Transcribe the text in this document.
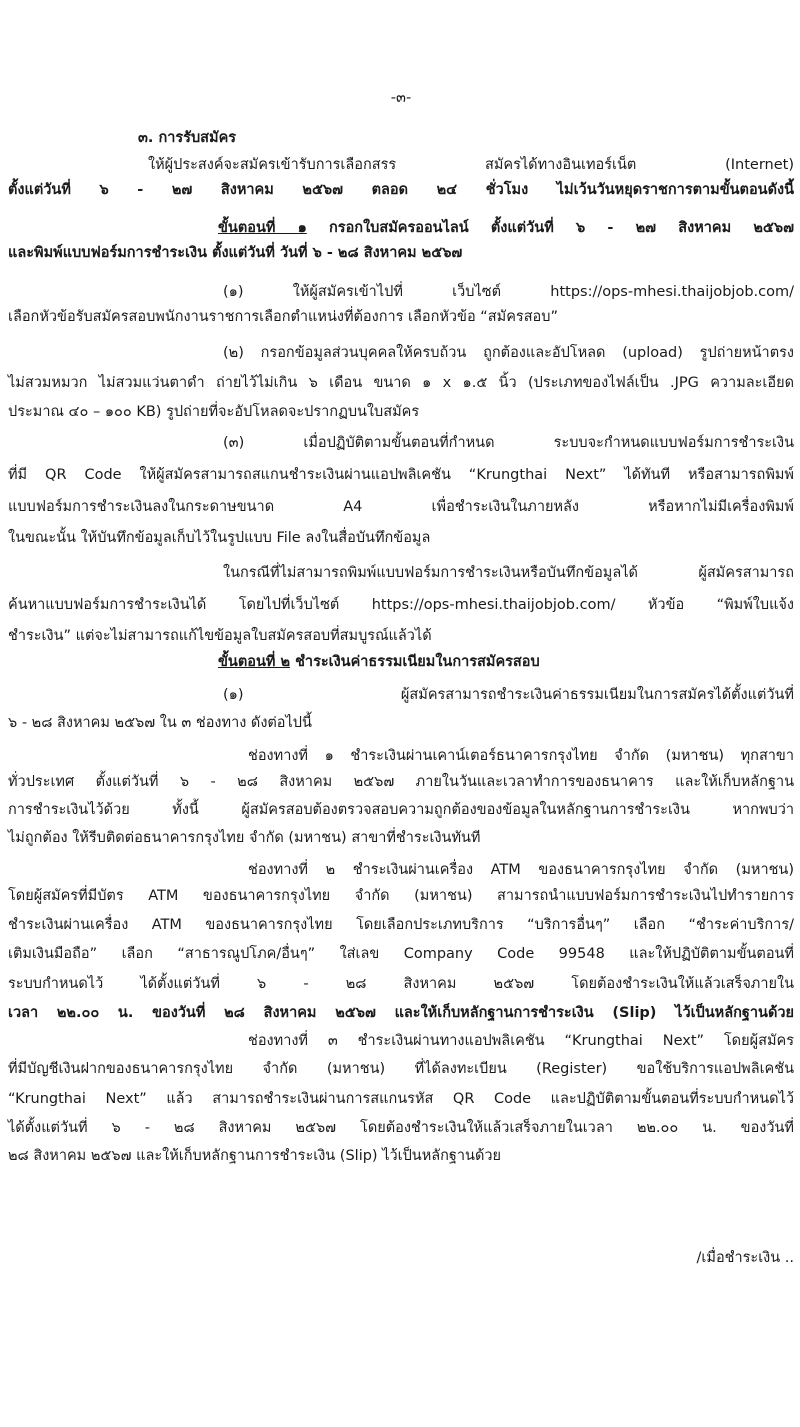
-๓-
๓. การรับสมัคร
ให้ผู้ประสงค์จะสมัครเข้ารับการเลือกสรร สมัครได้ทางอินเทอร์เน็ต (Internet)
ตั้งแต่วันที่ ๖ - ๒๗ สิงหาคม ๒๕๖๗ ตลอด ๒๔ ชั่วโมง ไม่เว้นวันหยุดราชการตามขั้นตอนดังนี้
ขั้นตอนที่ ๑ กรอกใบสมัครออนไลน์ ตั้งแต่วันที่ ๖ - ๒๗ สิงหาคม ๒๕๖๗
และพิมพ์แบบฟอร์มการชำระเงิน ตั้งแต่วันที่ วันที่ ๖ - ๒๘ สิงหาคม ๒๕๖๗
(๑) ให้ผู้สมัครเข้าไปที่ เว็บไซต์ https://ops-mhesi.thaijobjob.com/
เลือกหัวข้อรับสมัครสอบพนักงานราชการเลือกตำแหน่งที่ต้องการ เลือกหัวข้อ “สมัครสอบ”
(๒) กรอกข้อมูลส่วนบุคคลให้ครบถ้วน ถูกต้องและอัปโหลด (upload) รูปถ่ายหน้าตรง
ไม่สวมหมวก ไม่สวมแว่นตาดำ ถ่ายไว้ไม่เกิน ๖ เดือน ขนาด ๑ x ๑.๕ นิ้ว (ประเภทของไฟล์เป็น .JPG ความละเอียด
ประมาณ ๔๐ – ๑๐๐ KB) รูปถ่ายที่จะอัปโหลดจะปรากฏบนใบสมัคร
(๓) เมื่อปฏิบัติตามขั้นตอนที่กำหนด ระบบจะกำหนดแบบฟอร์มการชำระเงิน
ที่มี QR Code ให้ผู้สมัครสามารถสแกนชำระเงินผ่านแอปพลิเคชัน “Krungthai Next” ได้ทันที หรือสามารถพิมพ์
แบบฟอร์มการชำระเงินลงในกระดาษขนาด A4 เพื่อชำระเงินในภายหลัง หรือหากไม่มีเครื่องพิมพ์
ในขณะนั้น ให้บันทึกข้อมูลเก็บไว้ในรูปแบบ File ลงในสื่อบันทึกข้อมูล
ในกรณีที่ไม่สามารถพิมพ์แบบฟอร์มการชำระเงินหรือบันทึกข้อมูลได้ ผู้สมัครสามารถ
ค้นหาแบบฟอร์มการชำระเงินได้ โดยไปที่เว็บไซต์ https://ops-mhesi.thaijobjob.com/ หัวข้อ “พิมพ์ใบแจ้ง
ชำระเงิน” แต่จะไม่สามารถแก้ไขข้อมูลใบสมัครสอบที่สมบูรณ์แล้วได้
ขั้นตอนที่ ๒ ชำระเงินค่าธรรมเนียมในการสมัครสอบ
(๑) ผู้สมัครสามารถชำระเงินค่าธรรมเนียมในการสมัครได้ตั้งแต่วันที่
๖ - ๒๘ สิงหาคม ๒๕๖๗ ใน ๓ ช่องทาง ดังต่อไปนี้
ช่องทางที่ ๑ ชำระเงินผ่านเคาน์เตอร์ธนาคารกรุงไทย จำกัด (มหาชน) ทุกสาขา
ทั่วประเทศ ตั้งแต่วันที่ ๖ - ๒๘ สิงหาคม ๒๕๖๗ ภายในวันและเวลาทำการของธนาคาร และให้เก็บหลักฐาน
การชำระเงินไว้ด้วย ทั้งนี้ ผู้สมัครสอบต้องตรวจสอบความถูกต้องของข้อมูลในหลักฐานการชำระเงิน หากพบว่า
ไม่ถูกต้อง ให้รีบติดต่อธนาคารกรุงไทย จำกัด (มหาชน) สาขาที่ชำระเงินทันที
ช่องทางที่ ๒ ชำระเงินผ่านเครื่อง ATM ของธนาคารกรุงไทย จำกัด (มหาชน)
โดยผู้สมัครที่มีบัตร ATM ของธนาคารกรุงไทย จำกัด (มหาชน) สามารถนำแบบฟอร์มการชำระเงินไปทำรายการ
ชำระเงินผ่านเครื่อง ATM ของธนาคารกรุงไทย โดยเลือกประเภทบริการ “บริการอื่นๆ” เลือก “ชำระค่าบริการ/
เติมเงินมือถือ” เลือก “สาธารณูปโภค/อื่นๆ” ใส่เลข Company Code 99548 และให้ปฏิบัติตามขั้นตอนที่
ระบบกำหนดไว้ ได้ตั้งแต่วันที่ ๖ - ๒๘ สิงหาคม ๒๕๖๗ โดยต้องชำระเงินให้แล้วเสร็จภายใน
เวลา ๒๒.๐๐ น. ของวันที่ ๒๘ สิงหาคม ๒๕๖๗ และให้เก็บหลักฐานการชำระเงิน (Slip) ไว้เป็นหลักฐานด้วย
ช่องทางที่ ๓ ชำระเงินผ่านทางแอปพลิเคชัน “Krungthai Next” โดยผู้สมัคร
ที่มีบัญชีเงินฝากของธนาคารกรุงไทย จำกัด (มหาชน) ที่ได้ลงทะเบียน (Register) ขอใช้บริการแอปพลิเคชัน
“Krungthai Next” แล้ว สามารถชำระเงินผ่านการสแกนรหัส QR Code และปฏิบัติตามขั้นตอนที่ระบบกำหนดไว้
ได้ตั้งแต่วันที่ ๖ - ๒๘ สิงหาคม ๒๕๖๗ โดยต้องชำระเงินให้แล้วเสร็จภายในเวลา ๒๒.๐๐ น. ของวันที่
๒๘ สิงหาคม ๒๕๖๗ และให้เก็บหลักฐานการชำระเงิน (Slip) ไว้เป็นหลักฐานด้วย
/เมื่อชำระเงิน ..
